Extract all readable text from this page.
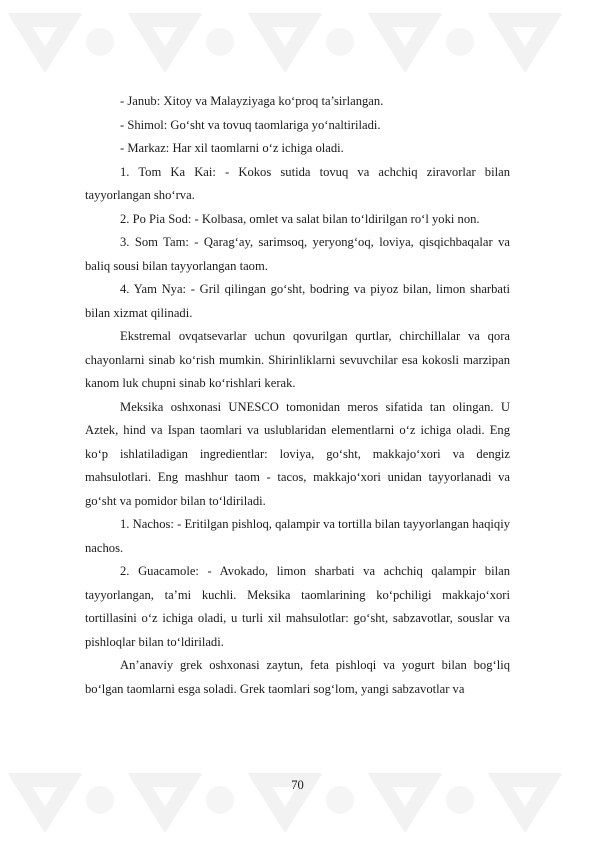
- Janub: Xitoy va Malayziyaga ko‘proq ta’sirlangan.

- Shimol: Go‘sht va tovuq taomlariga yo‘naltiriladi.

- Markaz: Har xil taomlarni o‘z ichiga oladi.

1. Tom Ka Kai: - Kokos sutida tovuq va achchiq ziravorlar bilan tayyorlangan sho‘rva.

2. Po Pia Sod: - Kolbasa, omlet va salat bilan to‘ldirilgan ro‘l yoki non.

3. Som Tam: - Qarag‘ay, sarimsoq, yeryong‘oq, loviya, qisqichbaqalar va baliq sousi bilan tayyorlangan taom.

4. Yam Nya: - Gril qilingan go‘sht, bodring va piyoz bilan, limon sharbati bilan xizmat qilinadi.

Ekstremal ovqatsevarlar uchun qovurilgan qurtlar, chirchillalar va qora chayonlarni sinab ko‘rish mumkin. Shirinliklarni sevuvchilar esa kokosli marzipan kanom luk chupni sinab ko‘rishlari kerak.

Meksika oshxonasi UNESCO tomonidan meros sifatida tan olingan. U Aztek, hind va Ispan taomlari va uslublaridan elementlarni o‘z ichiga oladi. Eng ko‘p ishlatiladigan ingredientlar: loviya, go‘sht, makkajo‘xori va dengiz mahsulotlari. Eng mashhur taom - tacos, makkajo‘xori unidan tayyorlanadi va go‘sht va pomidor bilan to‘ldiriladi.

1. Nachos: - Eritilgan pishloq, qalampir va tortilla bilan tayyorlangan haqiqiy nachos.

2. Guacamole: - Avokado, limon sharbati va achchiq qalampir bilan tayyorlangan, ta’mi kuchli. Meksika taomlarining ko‘pchiligi makkajo‘xori tortillasini o‘z ichiga oladi, u turli xil mahsulotlar: go‘sht, sabzavotlar, souslar va pishloqlar bilan to‘ldiriladi.

An’anaviy grek oshxonasi zaytun, feta pishloqi va yogurt bilan bog‘liq bo‘lgan taomlarni esga soladi. Grek taomlari sog‘lom, yangi sabzavotlar va

70
